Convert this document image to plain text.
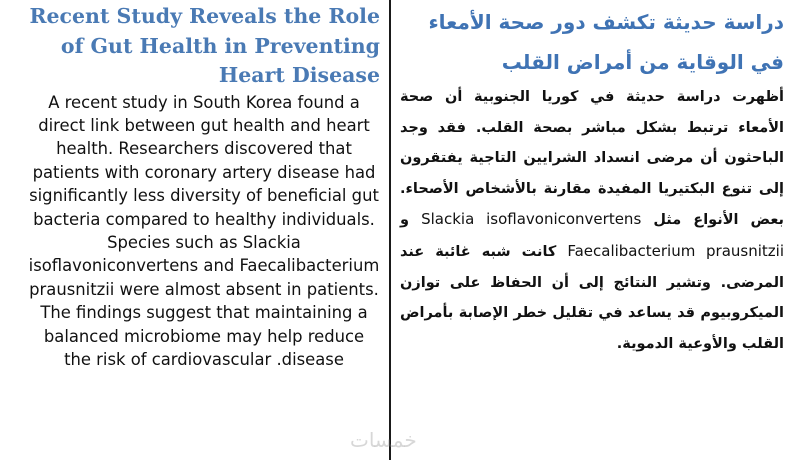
Recent Study Reveals the Role of Gut Health in Preventing Heart Disease

A recent study in South Korea found a direct link between gut health and heart health. Researchers discovered that patients with coronary artery disease had significantly less diversity of beneficial gut bacteria compared to healthy individuals. Species such as Slackia isoflavoniconvertens and Faecalibacterium prausnitzii were almost absent in patients. The findings suggest that maintaining a balanced microbiome may help reduce the risk of cardiovascular .disease

دراسة حديثة تكشف دور صحة الأمعاء في الوقاية من أمراض القلب

أظهرت دراسة حديثة في كوريا الجنوبية أن صحة الأمعاء ترتبط بشكل مباشر بصحة القلب. فقد وجد الباحثون أن مرضى انسداد الشرايين التاجية يفتقرون إلى تنوع البكتيريا المفيدة مقارنة بالأشخاص الأصحاء. بعض الأنواع مثل Slackia isoflavoniconvertens و Faecalibacterium prausnitzii كانت شبه غائبة عند المرضى. وتشير النتائج إلى أن الحفاظ على توازن الميكروبيوم قد يساعد في تقليل خطر الإصابة بأمراض القلب والأوعية الدموية.

خمسات
